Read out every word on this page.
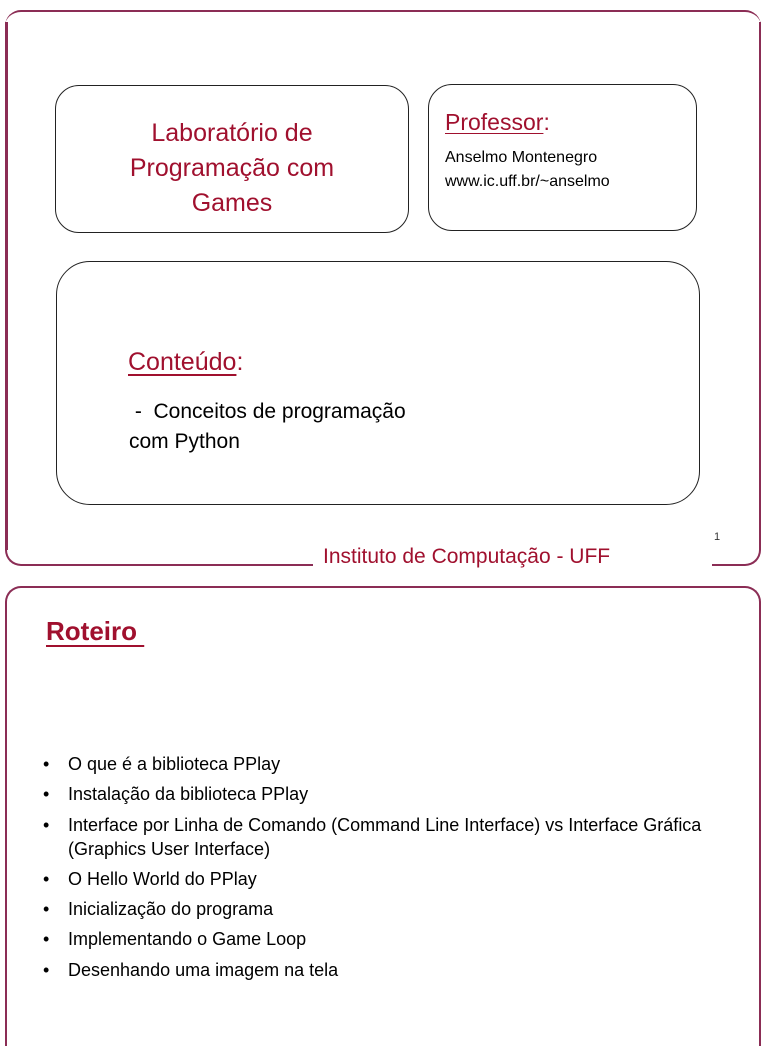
Laboratório de
Programação com
Games
Professor:
Anselmo Montenegro
www.ic.uff.br/~anselmo
Conteúdo:
-  Conceitos de programação
com Python
Instituto de Computação - UFF
1
Roteiro
• O que é a biblioteca PPlay
• Instalação da biblioteca PPlay
• Interface por Linha de Comando (Command Line Interface) vs Interface Gráfica (Graphics User Interface)
• O Hello World do PPlay
• Inicialização do programa
• Implementando o Game Loop
• Desenhando uma imagem na tela
